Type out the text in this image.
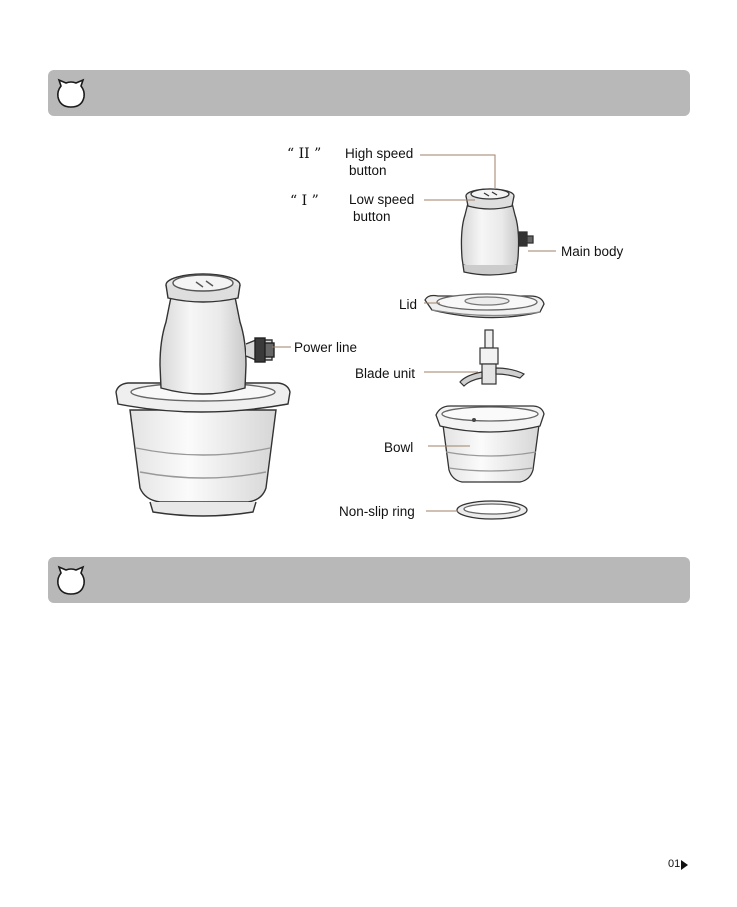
“ II ” High speed
button
“ I ” Low speed
button
Main body
Lid
Power line
Blade unit
Bowl
Non-slip ring
01
